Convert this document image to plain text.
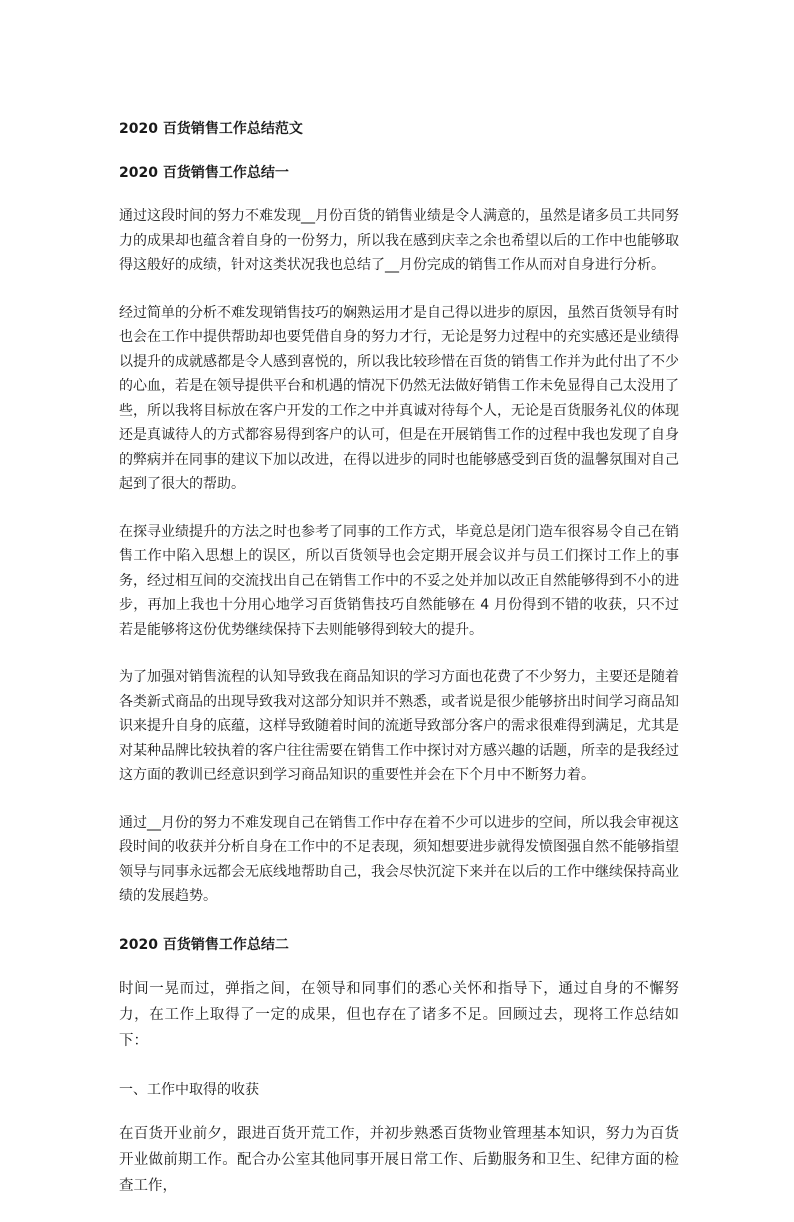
2020 百货销售工作总结范文
2020 百货销售工作总结一

通过这段时间的努力不难发现__月份百货的销售业绩是令人满意的，虽然是诸多员工共同努力的成果却也蕴含着自身的一份努力，所以我在感到庆幸之余也希望以后的工作中也能够取得这般好的成绩，针对这类状况我也总结了__月份完成的销售工作从而对自身进行分析。

经过简单的分析不难发现销售技巧的娴熟运用才是自己得以进步的原因，虽然百货领导有时也会在工作中提供帮助却也要凭借自身的努力才行，无论是努力过程中的充实感还是业绩得以提升的成就感都是令人感到喜悦的，所以我比较珍惜在百货的销售工作并为此付出了不少的心血，若是在领导提供平台和机遇的情况下仍然无法做好销售工作未免显得自己太没用了些，所以我将目标放在客户开发的工作之中并真诚对待每个人，无论是百货服务礼仪的体现还是真诚待人的方式都容易得到客户的认可，但是在开展销售工作的过程中我也发现了自身的弊病并在同事的建议下加以改进，在得以进步的同时也能够感受到百货的温馨氛围对自己起到了很大的帮助。

在探寻业绩提升的方法之时也参考了同事的工作方式，毕竟总是闭门造车很容易令自己在销售工作中陷入思想上的误区，所以百货领导也会定期开展会议并与员工们探讨工作上的事务，经过相互间的交流找出自己在销售工作中的不妥之处并加以改正自然能够得到不小的进步，再加上我也十分用心地学习百货销售技巧自然能够在 4 月份得到不错的收获，只不过若是能够将这份优势继续保持下去则能够得到较大的提升。

为了加强对销售流程的认知导致我在商品知识的学习方面也花费了不少努力，主要还是随着各类新式商品的出现导致我对这部分知识并不熟悉，或者说是很少能够挤出时间学习商品知识来提升自身的底蕴，这样导致随着时间的流逝导致部分客户的需求很难得到满足，尤其是对某种品牌比较执着的客户往往需要在销售工作中探讨对方感兴趣的话题，所幸的是我经过这方面的教训已经意识到学习商品知识的重要性并会在下个月中不断努力着。

通过__月份的努力不难发现自己在销售工作中存在着不少可以进步的空间，所以我会审视这段时间的收获并分析自身在工作中的不足表现，须知想要进步就得发愤图强自然不能够指望领导与同事永远都会无底线地帮助自己，我会尽快沉淀下来并在以后的工作中继续保持高业绩的发展趋势。

2020 百货销售工作总结二

时间一晃而过，弹指之间，在领导和同事们的悉心关怀和指导下，通过自身的不懈努力，在工作上取得了一定的成果，但也存在了诸多不足。回顾过去，现将工作总结如下：

一、工作中取得的收获

在百货开业前夕，跟进百货开荒工作，并初步熟悉百货物业管理基本知识，努力为百货开业做前期工作。配合办公室其他同事开展日常工作、后勤服务和卫生、纪律方面的检查工作，
